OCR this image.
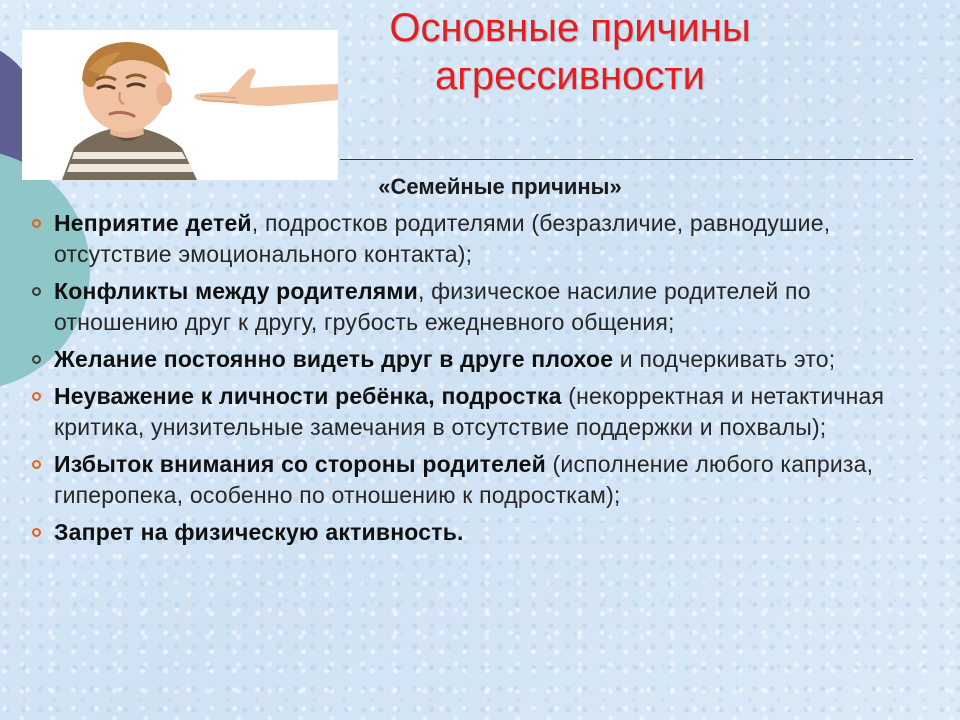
Основные причины
агрессивности
«Семейные причины»
Неприятие детей, подростков родителями (безразличие, равнодушие, отсутствие эмоционального контакта);
Конфликты между родителями, физическое насилие родителей по отношению друг к другу, грубость ежедневного общения;
Желание постоянно видеть друг в друге плохое и подчеркивать это;
Неуважение к личности ребёнка, подростка (некорректная и нетактичная критика, унизительные замечания в отсутствие поддержки и похвалы);
Избыток внимания со стороны родителей (исполнение любого каприза, гиперопека, особенно по отношению к подросткам);
Запрет на физическую активность.
